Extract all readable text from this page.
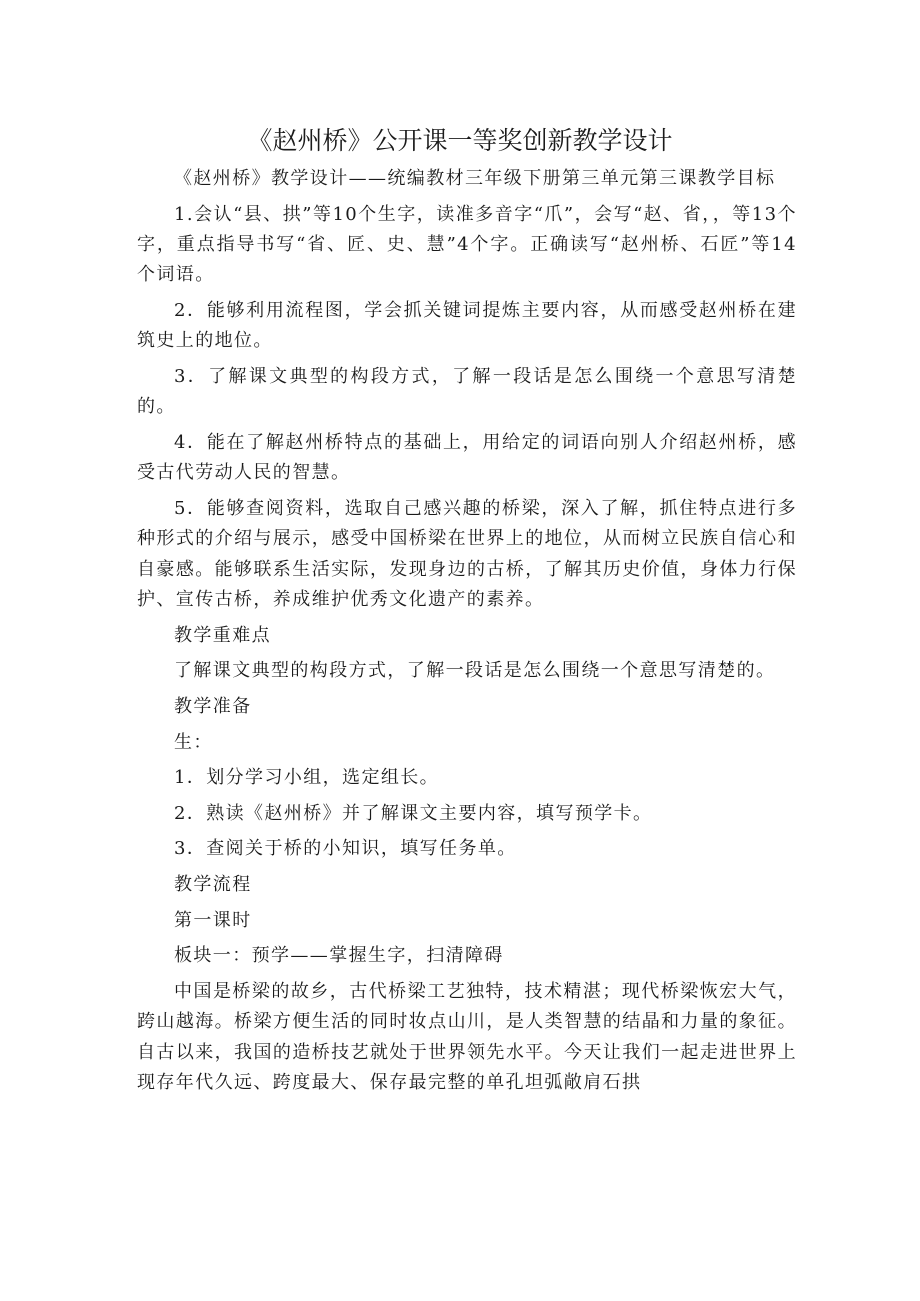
《赵州桥》公开课一等奖创新教学设计

《赵州桥》教学设计——统编教材三年级下册第三单元第三课教学目标

1.会认“县、拱”等10个生字，读准多音字“爪”，会写“赵、省，，等13个字，重点指导书写“省、匠、史、慧”4个字。正确读写“赵州桥、石匠”等14个词语。

2．能够利用流程图，学会抓关键词提炼主要内容，从而感受赵州桥在建筑史上的地位。

3．了解课文典型的构段方式，了解一段话是怎么围绕一个意思写清楚的。

4．能在了解赵州桥特点的基础上，用给定的词语向别人介绍赵州桥，感受古代劳动人民的智慧。

5．能够查阅资料，选取自己感兴趣的桥梁，深入了解，抓住特点进行多种形式的介绍与展示，感受中国桥梁在世界上的地位，从而树立民族自信心和自豪感。能够联系生活实际，发现身边的古桥，了解其历史价值，身体力行保护、宣传古桥，养成维护优秀文化遗产的素养。

教学重难点

了解课文典型的构段方式，了解一段话是怎么围绕一个意思写清楚的。

教学准备

生：

1．划分学习小组，选定组长。

2．熟读《赵州桥》并了解课文主要内容，填写预学卡。

3．查阅关于桥的小知识，填写任务单。

教学流程

第一课时

板块一：预学——掌握生字，扫清障碍

中国是桥梁的故乡，古代桥梁工艺独特，技术精湛；现代桥梁恢宏大气，跨山越海。桥梁方便生活的同时妆点山川，是人类智慧的结晶和力量的象征。自古以来，我国的造桥技艺就处于世界领先水平。今天让我们一起走进世界上现存年代久远、跨度最大、保存最完整的单孔坦弧敞肩石拱
